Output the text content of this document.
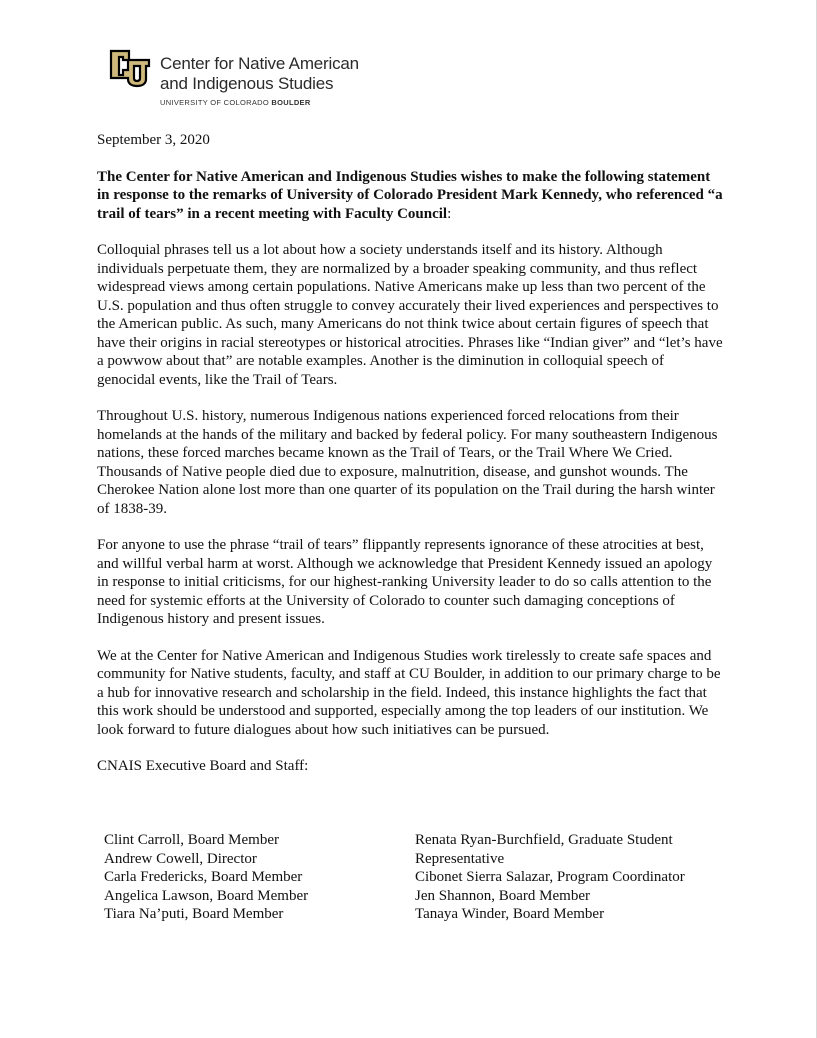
Center for Native American
and Indigenous Studies
UNIVERSITY OF COLORADO BOULDER

September 3, 2020

The Center for Native American and Indigenous Studies wishes to make the following statement in response to the remarks of University of Colorado President Mark Kennedy, who referenced “a trail of tears” in a recent meeting with Faculty Council:

Colloquial phrases tell us a lot about how a society understands itself and its history. Although individuals perpetuate them, they are normalized by a broader speaking community, and thus reflect widespread views among certain populations. Native Americans make up less than two percent of the U.S. population and thus often struggle to convey accurately their lived experiences and perspectives to the American public. As such, many Americans do not think twice about certain figures of speech that have their origins in racial stereotypes or historical atrocities. Phrases like “Indian giver” and “let’s have a powwow about that” are notable examples. Another is the diminution in colloquial speech of genocidal events, like the Trail of Tears.

Throughout U.S. history, numerous Indigenous nations experienced forced relocations from their homelands at the hands of the military and backed by federal policy. For many southeastern Indigenous nations, these forced marches became known as the Trail of Tears, or the Trail Where We Cried. Thousands of Native people died due to exposure, malnutrition, disease, and gunshot wounds. The Cherokee Nation alone lost more than one quarter of its population on the Trail during the harsh winter of 1838-39.

For anyone to use the phrase “trail of tears” flippantly represents ignorance of these atrocities at best, and willful verbal harm at worst. Although we acknowledge that President Kennedy issued an apology in response to initial criticisms, for our highest-ranking University leader to do so calls attention to the need for systemic efforts at the University of Colorado to counter such damaging conceptions of Indigenous history and present issues.

We at the Center for Native American and Indigenous Studies work tirelessly to create safe spaces and community for Native students, faculty, and staff at CU Boulder, in addition to our primary charge to be a hub for innovative research and scholarship in the field. Indeed, this instance highlights the fact that this work should be understood and supported, especially among the top leaders of our institution. We look forward to future dialogues about how such initiatives can be pursued.

CNAIS Executive Board and Staff:

Clint Carroll, Board Member
Andrew Cowell, Director
Carla Fredericks, Board Member
Angelica Lawson, Board Member
Tiara Na’puti, Board Member
Renata Ryan-Burchfield, Graduate Student
Representative
Cibonet Sierra Salazar, Program Coordinator
Jen Shannon, Board Member
Tanaya Winder, Board Member
